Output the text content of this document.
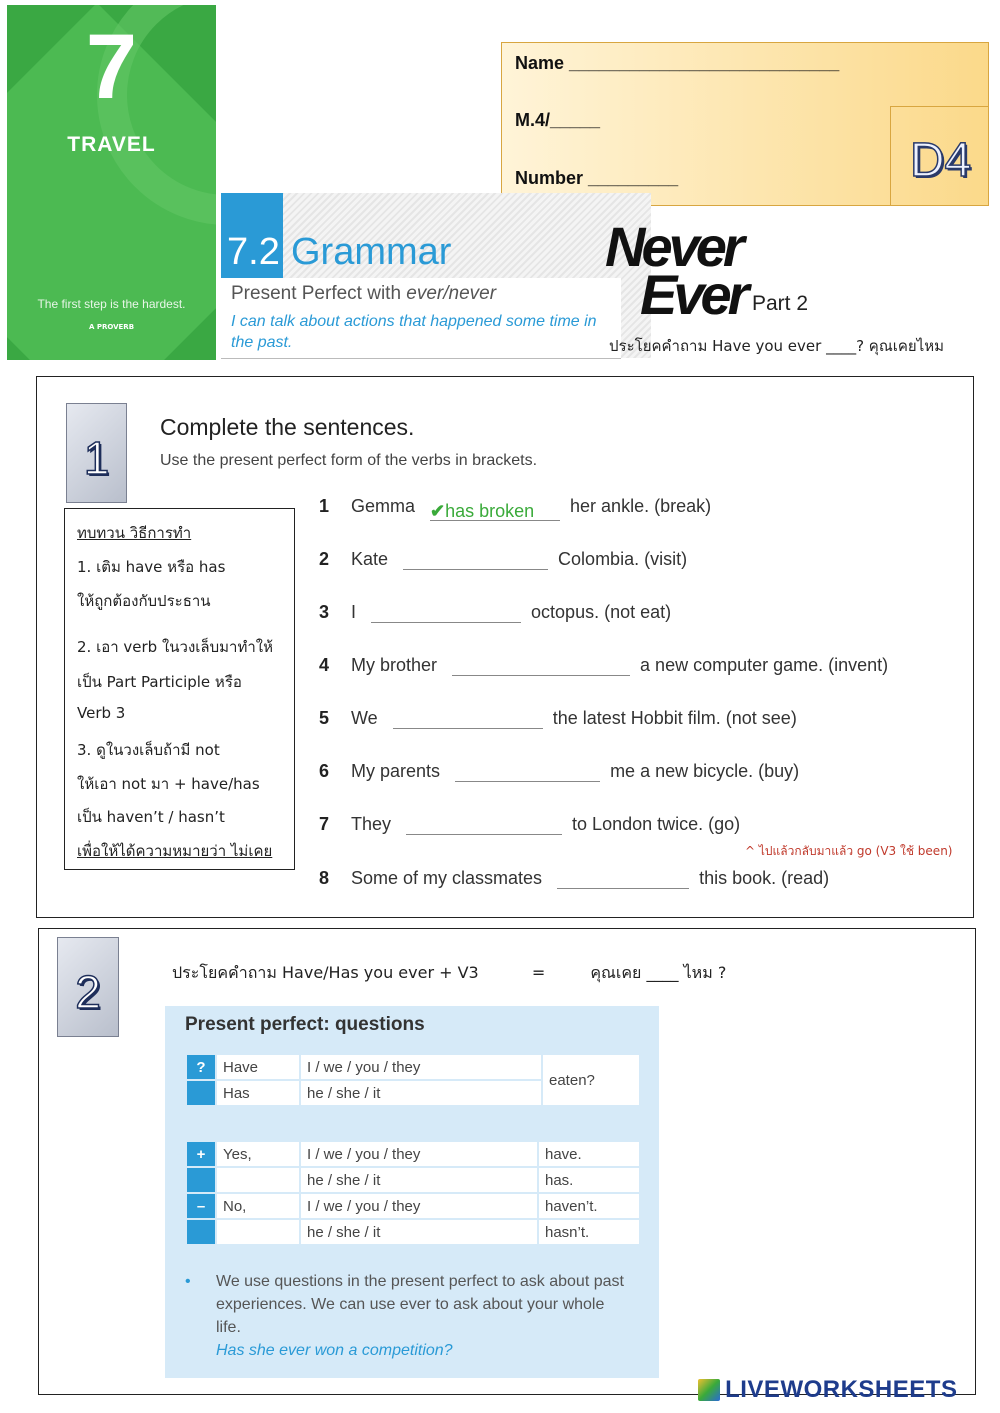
7
TRAVEL
The first step is the hardest.
A PROVERB
Name ___________________________
M.4/_____
Number _________	D4
7.2 Grammar
Present Perfect with ever/never
I can talk about actions that happened some time in the past.
Never
Ever Part 2
ประโยคคำถาม Have you ever ____? คุณเคยไหม
1
Complete the sentences.
Use the present perfect form of the verbs in brackets.
ทบทวน วิธีการทำ
1. เติม have หรือ has
ให้ถูกต้องกับประธาน
2. เอา verb ในวงเล็บมาทำให้
เป็น Part Participle หรือ
Verb 3
3. ดูในวงเล็บถ้ามี not
ให้เอา not มา + have/has
เป็น haven’t / hasn’t
เพื่อให้ได้ความหมายว่า ไม่เคย
1 Gemma ✔has broken her ankle. (break)
2 Kate	Colombia. (visit)
3 I	octopus. (not eat)
4 My brother	a new computer game. (invent)
5 We	the latest Hobbit film. (not see)
6 My parents	me a new bicycle. (buy)
7 They	to London twice. (go)
^ ไปแล้วกลับมาแล้ว go (V3 ใช้ been)
8 Some of my classmates	this book. (read)
2	ประโยคคำถาม Have/Has you ever + V3	=	คุณเคย ____ ไหม ?
Present perfect: questions
?	Have	I / we / you / they	eaten?
	Has	he / she / it	
+	Yes,	I / we / you / they	have.
		he / she / it	has.
–	No,	I / we / you / they	haven’t.
		he / she / it	hasn’t.
• We use questions in the present perfect to ask about past experiences. We can use ever to ask about your whole life.
Has she ever won a competition?
LIVEWORKSHEETS
